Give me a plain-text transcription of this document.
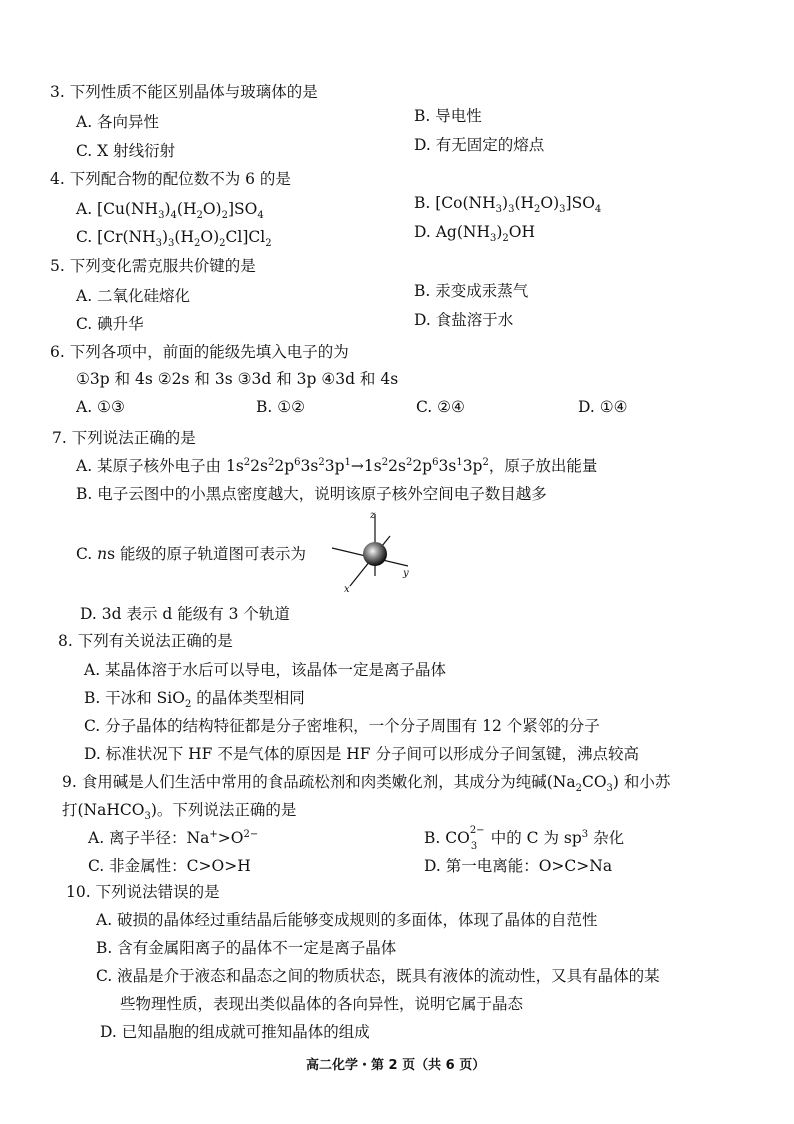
3. 下列性质不能区别晶体与玻璃体的是
A. 各向异性	B. 导电性
C. X 射线衍射	D. 有无固定的熔点
4. 下列配合物的配位数不为 6 的是
A. $[Cu(NH_3)_4(H_2O)_2]SO_4$
B. $[Co(NH_3)_3(H_2O)_3]SO_4$
C. $[Cr(NH_3)_3(H_2O)_2Cl]Cl_2$
D. $Ag(NH_3)_2OH$
5. 下列变化需克服共价键的是
A. 二氧化硅熔化	B. 汞变成汞蒸气
C. 碘升华	D. 食盐溶于水
6. 下列各项中，前面的能级先填入电子的为
①3p 和 4s ②2s 和 3s ③3d 和 3p ④3d 和 4s
A. ①③	B. ①②	C. ②④	D. ①④
7. 下列说法正确的是
A. 某原子核外电子由 $1s^22s^22p^63s^23p^1\to 1s^22s^22p^63s^13p^2$，原子放出能量
B. 电子云图中的小黑点密度越大，说明该原子核外空间电子数目越多
C. ns 能级的原子轨道图可表示为
z
y
x
D. 3d 表示 d 能级有 3 个轨道
8. 下列有关说法正确的是
A. 某晶体溶于水后可以导电，该晶体一定是离子晶体
B. 干冰和 SiO$_2$ 的晶体类型相同
C. 分子晶体的结构特征都是分子密堆积，一个分子周围有 12 个紧邻的分子
D. 标准状况下 HF 不是气体的原因是 HF 分子间可以形成分子间氢键，沸点较高
9. 食用碱是人们生活中常用的食品疏松剂和肉类嫩化剂，其成分为纯碱$(Na_2CO_3)$ 和小苏
打(NaHCO$_3$)。下列说法正确的是
A. 离子半径：$Na^+>O^{2-}$	B. CO 2−
3 中的 C 为 $sp^3$ 杂化
C. 非金属性：C>O>H	D. 第一电离能：O>C>Na
10. 下列说法错误的是
A. 破损的晶体经过重结晶后能够变成规则的多面体，体现了晶体的自范性
B. 含有金属阳离子的晶体不一定是离子晶体
C. 液晶是介于液态和晶态之间的物质状态，既具有液体的流动性，又具有晶体的某
些物理性质，表现出类似晶体的各向异性，说明它属于晶态
D. 已知晶胞的组成就可推知晶体的组成
高二化学・第 2 页（共 6 页）
